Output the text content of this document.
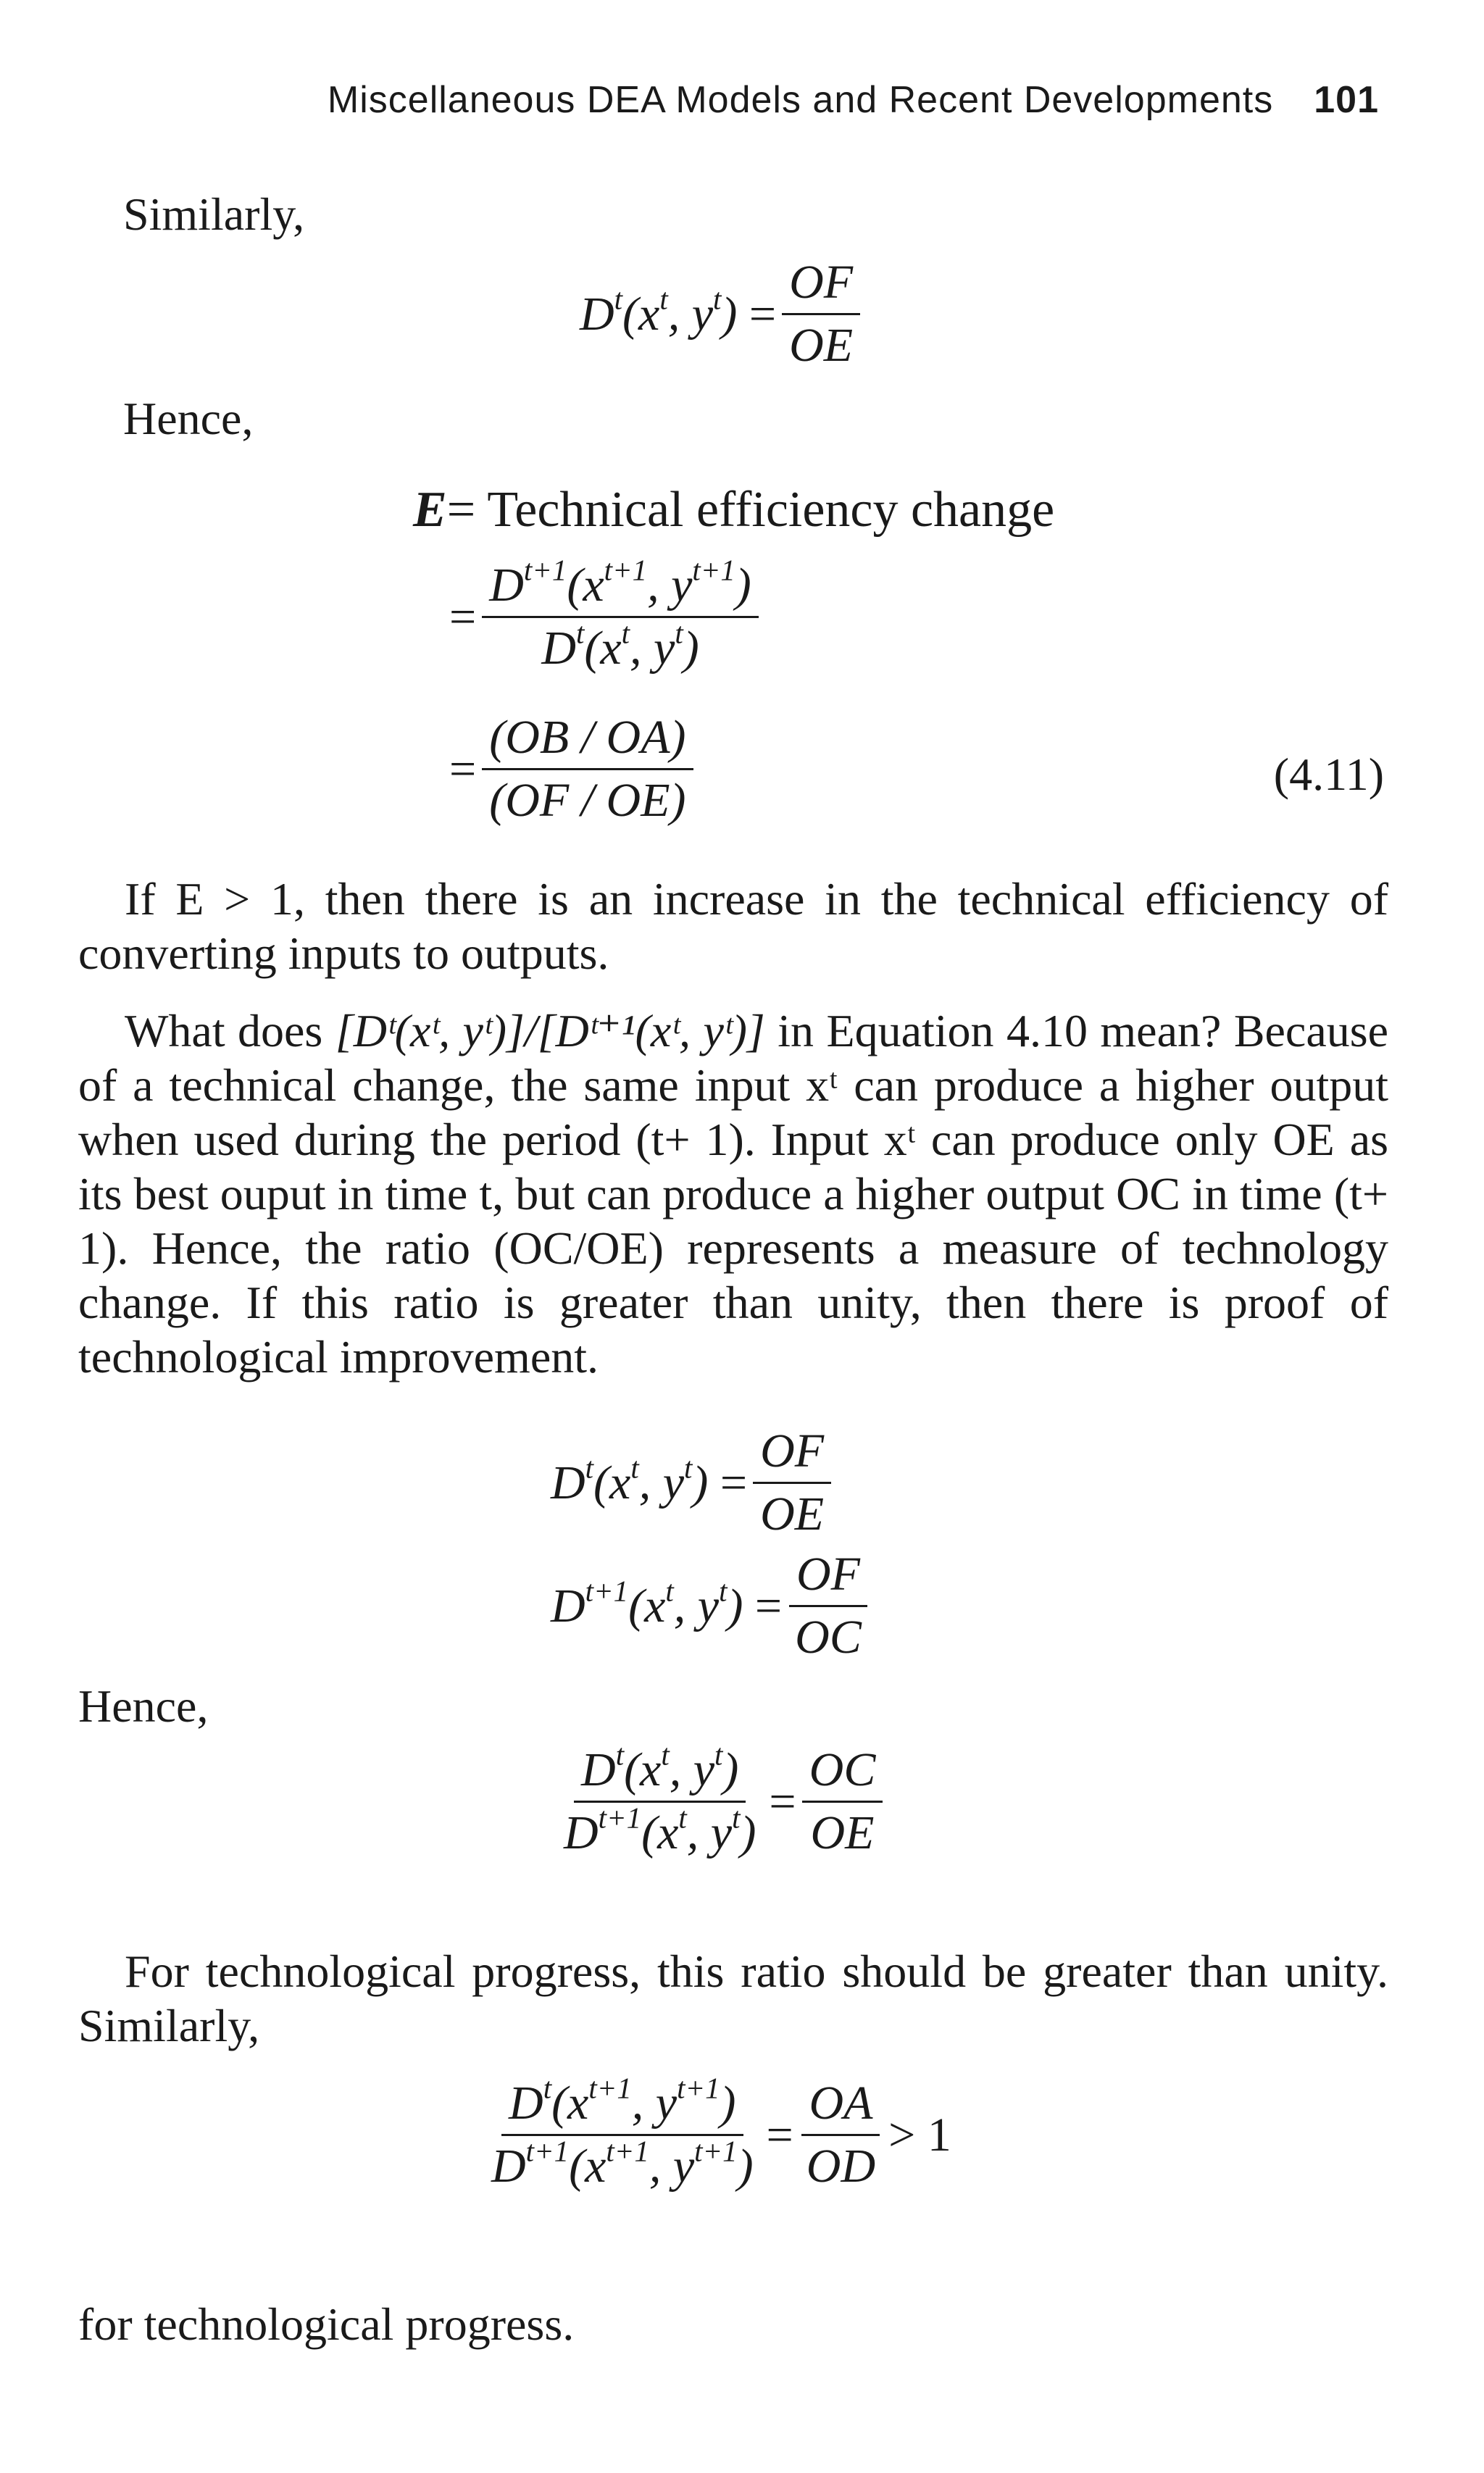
Miscellaneous DEA Models and Recent Developments 101
Similarly,
$D^t(x^t$, $y^t) = \frac{OF}{OE}$
Hence,
E = Technical efficiency change
= $\frac{D^{t+1}(x^{t+1}, y^{t+1})}{D^t(x^t, y^t)}$
= $\frac{(OB / OA)}{(OF / OE)}$	(4.11)
If E > 1, then there is an increase in the technical efficiency of converting inputs to outputs.
What does [Dᵗ(xᵗ, yᵗ)]/[Dᵗ⁺¹(xᵗ, yᵗ)] in Equation 4.10 mean? Because of a technical change, the same input xᵗ can produce a higher output when used during the period (t+ 1). Input xᵗ can produce only OE as its best ouput in time t, but can produce a higher output OC in time (t+ 1). Hence, the ratio (OC/OE) represents a measure of technology change. If this ratio is greater than unity, then there is proof of technological improvement.
$D^t(x^t$, $y^t) = \frac{OF}{OE}$
$D^{t+1}(x^t$, $y^t) = \frac{OF}{OC}$
Hence,
$\frac{D^t(x^t, y^t)}{D^{t+1}(x^t, y^t)} = \frac{OC}{OE}$
For technological progress, this ratio should be greater than unity. Similarly,
$\frac{D^t(x^{t+1}, y^{t+1})}{D^{t+1}(x^{t+1}, y^{t+1})} = \frac{OA}{OD} > 1$
for technological progress.
